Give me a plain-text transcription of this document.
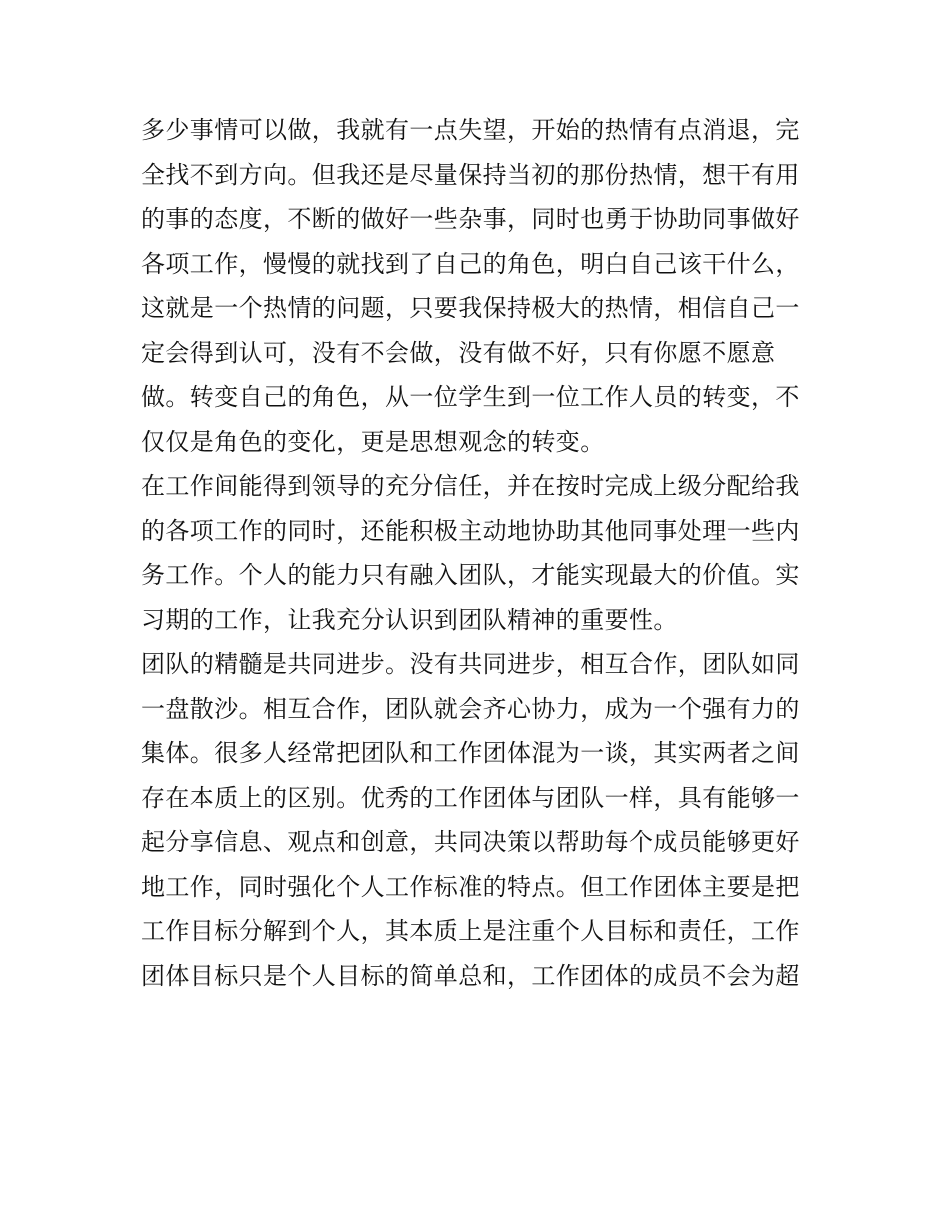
多少事情可以做，我就有一点失望，开始的热情有点消退，完
全找不到方向。但我还是尽量保持当初的那份热情，想干有用
的事的态度，不断的做好一些杂事，同时也勇于协助同事做好
各项工作，慢慢的就找到了自己的角色，明白自己该干什么，
这就是一个热情的问题，只要我保持极大的热情，相信自己一
定会得到认可，没有不会做，没有做不好，只有你愿不愿意
做。转变自己的角色，从一位学生到一位工作人员的转变，不
仅仅是角色的变化，更是思想观念的转变。
在工作间能得到领导的充分信任，并在按时完成上级分配给我
的各项工作的同时，还能积极主动地协助其他同事处理一些内
务工作。个人的能力只有融入团队，才能实现最大的价值。实
习期的工作，让我充分认识到团队精神的重要性。
团队的精髓是共同进步。没有共同进步，相互合作，团队如同
一盘散沙。相互合作，团队就会齐心协力，成为一个强有力的
集体。很多人经常把团队和工作团体混为一谈，其实两者之间
存在本质上的区别。优秀的工作团体与团队一样，具有能够一
起分享信息、观点和创意，共同决策以帮助每个成员能够更好
地工作，同时强化个人工作标准的特点。但工作团体主要是把
工作目标分解到个人，其本质上是注重个人目标和责任，工作
团体目标只是个人目标的简单总和，工作团体的成员不会为超
